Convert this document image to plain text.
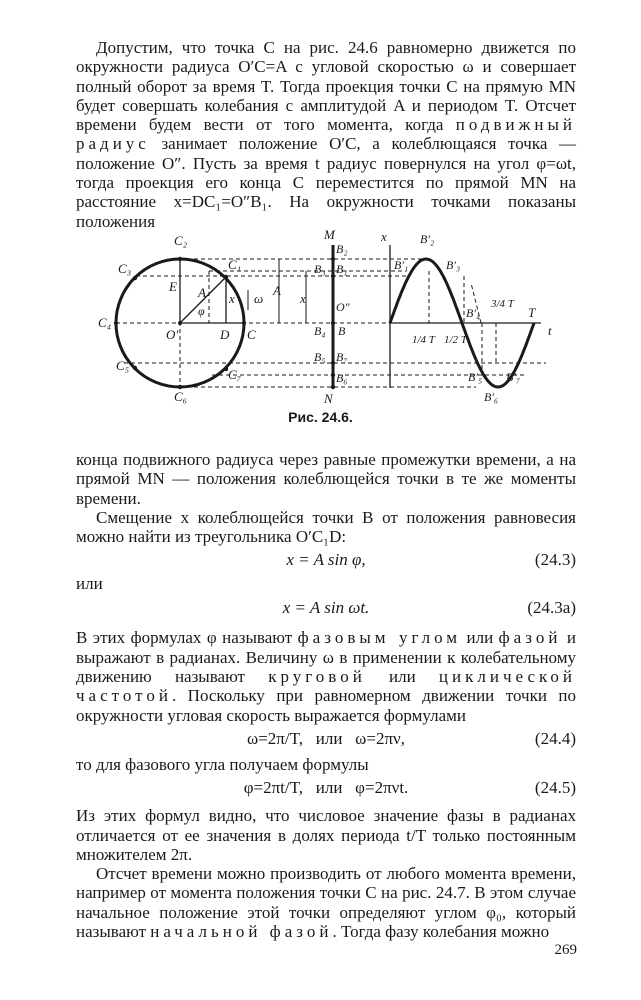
Допустим, что точка C на рис. 24.6 равномерно движется по окружности радиуса O′C=A с угловой скоростью ω и совершает полный оборот за время T. Тогда проекция точки C на прямую MN будет совершать колебания с амплитудой A и периодом T. Отсчет времени будем вести от того момента, когда подвижный радиус занимает положение O′C, а колеблющаяся точка — положение O″. Пусть за время t радиус повернулся на угол φ=ωt, тогда проекция его конца C переместится по прямой MN на расстояние x=DC₁=O″B₁. На окружности точками показаны положения

C₂
C₁
C₃
C₄
C₅
C₆
C₇
E A
φ
x ω
O′	D C
M
N
B₂
B₃ B₁
O″
B₄ B
B₅ B₇
B₆
x
A
x
B′₁
B′₂
B′₃
B′₄
B′₅
B′₆
B′₇
1/4 T 1/2 T
3/4 T
T
t
Рис. 24.6.

конца подвижного радиуса через равные промежутки времени, а на прямой MN — положения колеблющейся точки в те же моменты времени.

Смещение x колеблющейся точки B от положения равновесия можно найти из треугольника O′C₁D:

x = A sin φ,	(24.3)

или

x = A sin ωt.	(24.3а)

В этих формулах φ называют фазовым углом или фазой и выражают в радианах. Величину ω в применении к колебательному движению называют круговой или циклической частотой. Поскольку при равномерном движении точки по окружности угловая скорость выражается формулами

ω=2π/T,   или   ω=2πν,	(24.4)

то для фазового угла получаем формулы

φ=2πt/T,   или   φ=2πνt.	(24.5)

Из этих формул видно, что числовое значение фазы в радианах отличается от ее значения в долях периода t/T только постоянным множителем 2π.

Отсчет времени можно производить от любого момента времени, например от момента положения точки C на рис. 24.7. В этом случае начальное положение этой точки определяют углом φ₀, который называют начальной фазой. Тогда фазу колебания можно

269
